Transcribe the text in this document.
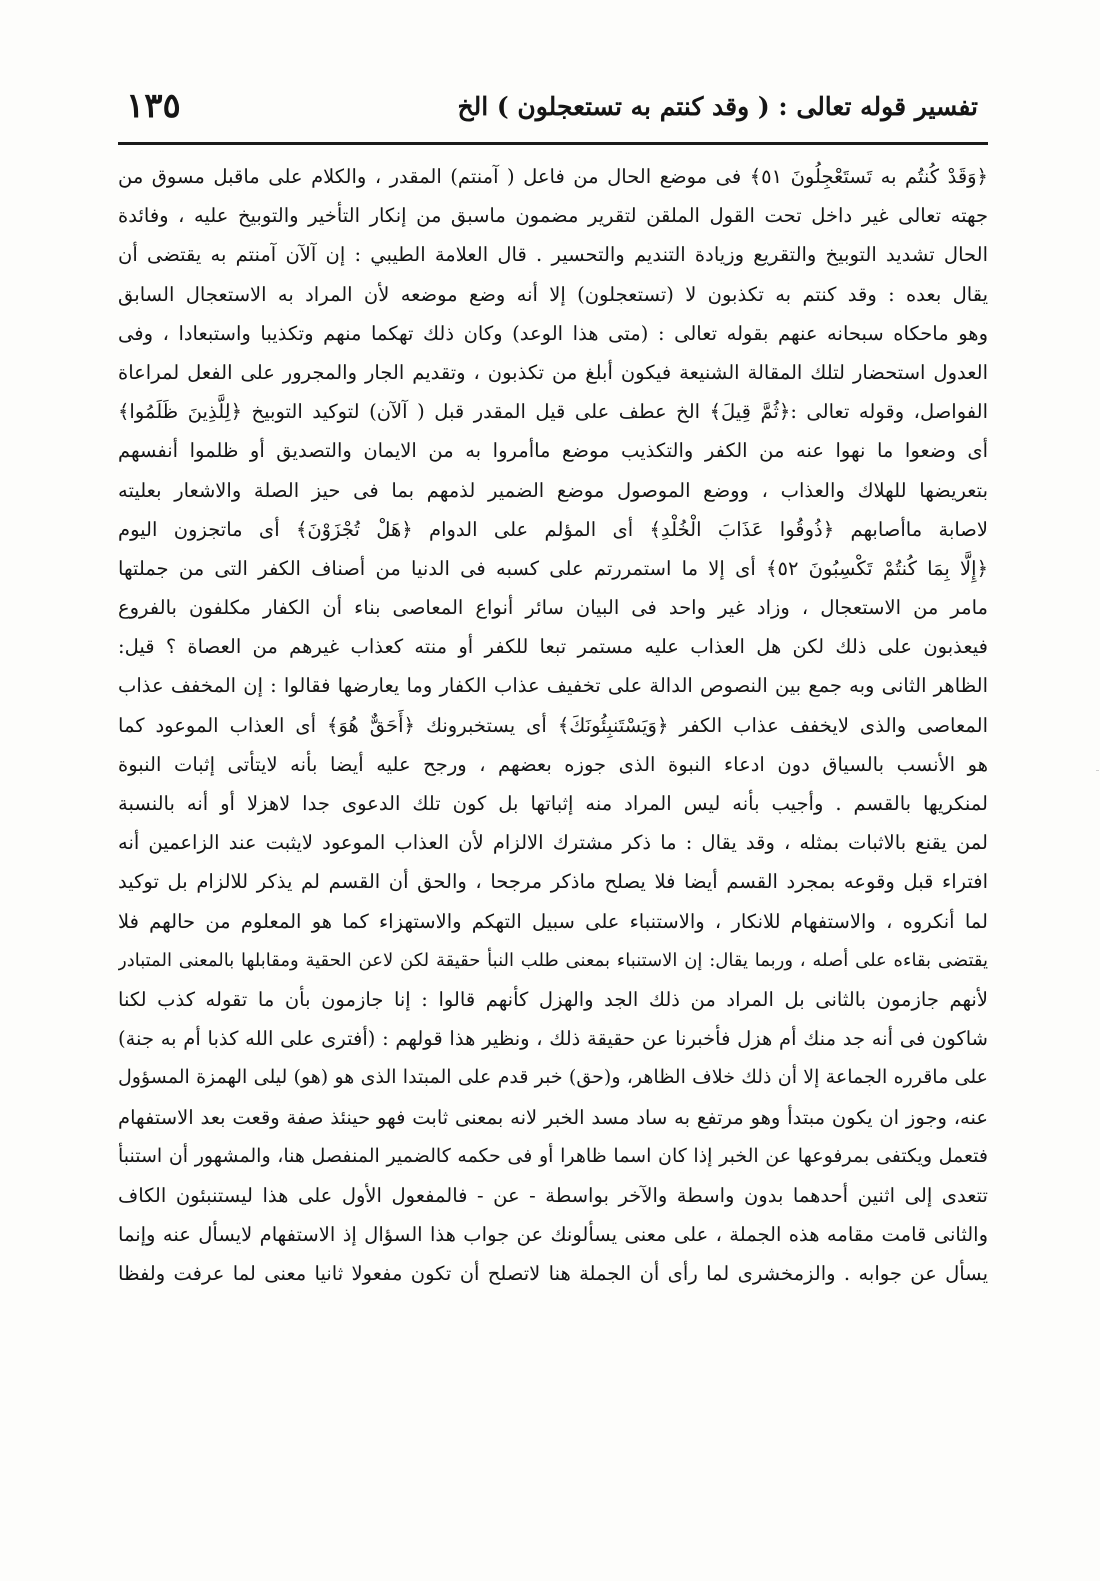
تفسير قوله تعالى : ( وقد كنتم به تستعجلون ) الخ
١٣٥
﴿وَقَدْ كُنتُم به تَستَعْجِلُونَ ٥١﴾ فى موضع الحال من فاعل ( آمنتم) المقدر ، والكلام على ماقبل مسوق من
جهته تعالى غير داخل تحت القول الملقن لتقرير مضمون ماسبق من إنكار التأخير والتوبيخ عليه ، وفائدة
الحال تشديد التوبيخ والتقريع وزيادة التنديم والتحسير . قال العلامة الطيبي : إن آلآن آمنتم به يقتضى أن
يقال بعده : وقد كنتم به تكذبون لا (تستعجلون) إلا أنه وضع موضعه لأن المراد به الاستعجال السابق
وهو ماحكاه سبحانه عنهم بقوله تعالى : (متى هذا الوعد) وكان ذلك تهكما منهم وتكذيبا واستبعادا ، وفى
العدول استحضار لتلك المقالة الشنيعة فيكون أبلغ من تكذبون ، وتقديم الجار والمجرور على الفعل لمراعاة
الفواصل، وقوله تعالى :﴿ثُمَّ قِيلَ﴾ الخ عطف على قيل المقدر قبل ( آلآن) لتوكيد التوبيخ ﴿لِلَّذِينَ ظَلَمُوا﴾
أى وضعوا ما نهوا عنه من الكفر والتكذيب موضع ماأمروا به من الايمان والتصديق أو ظلموا أنفسهم
بتعريضها للهلاك والعذاب ، ووضع الموصول موضع الضمير لذمهم بما فى حيز الصلة والاشعار بعليته
لاصابة ماأصابهم ﴿ذُوقُوا عَذَابَ الْخُلْدِ﴾ أى المؤلم على الدوام ﴿هَلْ تُجْزَوْنَ﴾ أى ماتجزون اليوم
﴿إِلَّا بِمَا كُنتُمْ تَكْسِبُونَ ٥٢﴾ أى إلا ما استمررتم على كسبه فى الدنيا من أصناف الكفر التى من جملتها
مامر من الاستعجال ، وزاد غير واحد فى البيان سائر أنواع المعاصى بناء أن الكفار مكلفون بالفروع
فيعذبون على ذلك لكن هل العذاب عليه مستمر تبعا للكفر أو منته كعذاب غيرهم من العصاة ؟ قيل:
الظاهر الثانى وبه جمع بين النصوص الدالة على تخفيف عذاب الكفار وما يعارضها فقالوا : إن المخفف عذاب
المعاصى والذى لايخفف عذاب الكفر ﴿وَيَسْتَنبِئُونَكَ﴾ أى يستخبرونك ﴿أَحَقٌّ هُوَ﴾ أى العذاب الموعود كما
هو الأنسب بالسياق دون ادعاء النبوة الذى جوزه بعضهم ، ورجح عليه أيضا بأنه لايتأتى إثبات النبوة
لمنكريها بالقسم . وأجيب بأنه ليس المراد منه إثباتها بل كون تلك الدعوى جدا لاهزلا أو أنه بالنسبة
لمن يقنع بالاثبات بمثله ، وقد يقال : ما ذكر مشترك الالزام لأن العذاب الموعود لايثبت عند الزاعمين أنه
افتراء قبل وقوعه بمجرد القسم أيضا فلا يصلح ماذكر مرجحا ، والحق أن القسم لم يذكر للالزام بل توكيد
لما أنكروه ، والاستفهام للانكار ، والاستنباء على سبيل التهكم والاستهزاء كما هو المعلوم من حالهم فلا
يقتضى بقاءه على أصله ، وربما يقال: إن الاستنباء بمعنى طلب النبأ حقيقة لكن لاعن الحقية ومقابلها بالمعنى المتبادر
لأنهم جازمون بالثانى بل المراد من ذلك الجد والهزل كأنهم قالوا : إنا جازمون بأن ما تقوله كذب لكنا
شاكون فى أنه جد منك أم هزل فأخبرنا عن حقيقة ذلك ، ونظير هذا قولهم : (أفترى على الله كذبا أم به جنة)
على ماقرره الجماعة إلا أن ذلك خلاف الظاهر، و(حق) خبر قدم على المبتدا الذى هو (هو) ليلى الهمزة المسؤول
عنه، وجوز ان يكون مبتدأ وهو مرتفع به ساد مسد الخبر لانه بمعنى ثابت فهو حينئذ صفة وقعت بعد الاستفهام
فتعمل ويكتفى بمرفوعها عن الخبر إذا كان اسما ظاهرا أو فى حكمه كالضمير المنفصل هنا، والمشهور أن استنبأ
تتعدى إلى اثنين أحدهما بدون واسطة والآخر بواسطة - عن - فالمفعول الأول على هذا ليستنبئون الكاف
والثانى قامت مقامه هذه الجملة ، على معنى يسألونك عن جواب هذا السؤال إذ الاستفهام لايسأل عنه وإنما
يسأل عن جوابه . والزمخشرى لما رأى أن الجملة هنا لاتصلح أن تكون مفعولا ثانيا معنى لما عرفت ولفظا
